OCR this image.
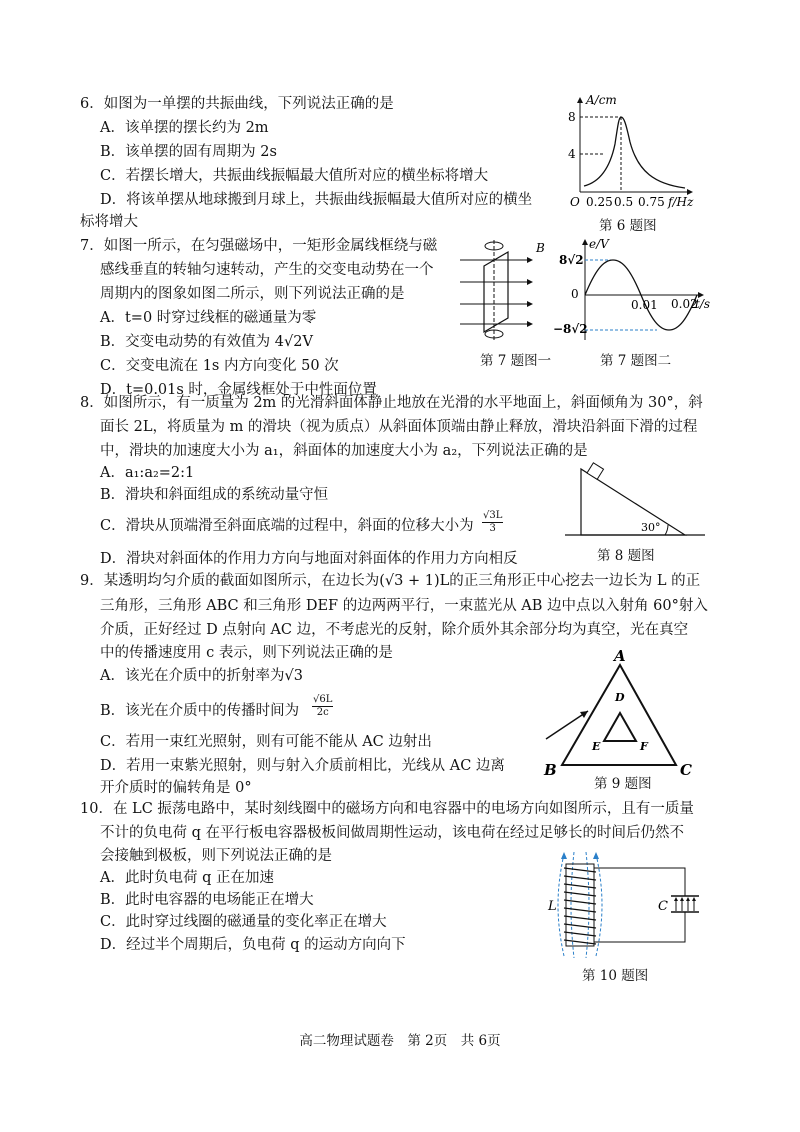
6．如图为一单摆的共振曲线，下列说法正确的是
A．该单摆的摆长约为 2m
B．该单摆的固有周期为 2s
C．若摆长增大，共振曲线振幅最大值所对应的横坐标将增大
D．将该单摆从地球搬到月球上，共振曲线振幅最大值所对应的横坐
标将增大
A/cm
8
4
O 0.25 0.5 0.75 f/Hz
第 6 题图
7．如图一所示，在匀强磁场中，一矩形金属线框绕与磁
感线垂直的转轴匀速转动，产生的交变电动势在一个
周期内的图象如图二所示，则下列说法正确的是
A．t=0 时穿过线框的磁通量为零
B．交变电动势的有效值为 4√2V
C．交变电流在 1s 内方向变化 50 次
D．t=0.01s 时，金属线框处于中性面位置
B	e/V
8√2
−8√2
0
0.01 0.02
t/s
第 7 题图一	第 7 题图二
8．如图所示，有一质量为 2m 的光滑斜面体静止地放在光滑的水平地面上，斜面倾角为 30°，斜
面长 2L，将质量为 m 的滑块（视为质点）从斜面体顶端由静止释放，滑块沿斜面下滑的过程
中，滑块的加速度大小为 a₁，斜面体的加速度大小为 a₂，下列说法正确的是
A．a₁:a₂=2:1
B．滑块和斜面组成的系统动量守恒
C．滑块从顶端滑至斜面底端的过程中，斜面的位移大小为 $\frac{√3L}{3}$
D．滑块对斜面体的作用力方向与地面对斜面体的作用力方向相反
30°
第 8 题图
9．某透明均匀介质的截面如图所示，在边长为(√3 + 1)L的正三角形正中心挖去一边长为 L 的正
三角形，三角形 ABC 和三角形 DEF 的边两两平行，一束蓝光从 AB 边中点以入射角 60°射入
介质，正好经过 D 点射向 AC 边，不考虑光的反射，除介质外其余部分均为真空，光在真空
中的传播速度用 c 表示，则下列说法正确的是
A．该光在介质中的折射率为√3
B．该光在介质中的传播时间为 $\frac{√6L}{2c}$
C．若用一束红光照射，则有可能不能从 AC 边射出
D．若用一束紫光照射，则与射入介质前相比，光线从 AC 边离
开介质时的偏转角是 0°
A
B	C
D
E	F
第 9 题图
10．在 LC 振荡电路中，某时刻线圈中的磁场方向和电容器中的电场方向如图所示，且有一质量
不计的负电荷 q 在平行板电容器极板间做周期性运动，该电荷在经过足够长的时间后仍然不
会接触到极板，则下列说法正确的是
A．此时负电荷 q 正在加速
B．此时电容器的电场能正在增大
C．此时穿过线圈的磁通量的变化率正在增大
D．经过半个周期后，负电荷 q 的运动方向向下
L	C
第 10 题图
高二物理试题卷　第 2页　共 6页
